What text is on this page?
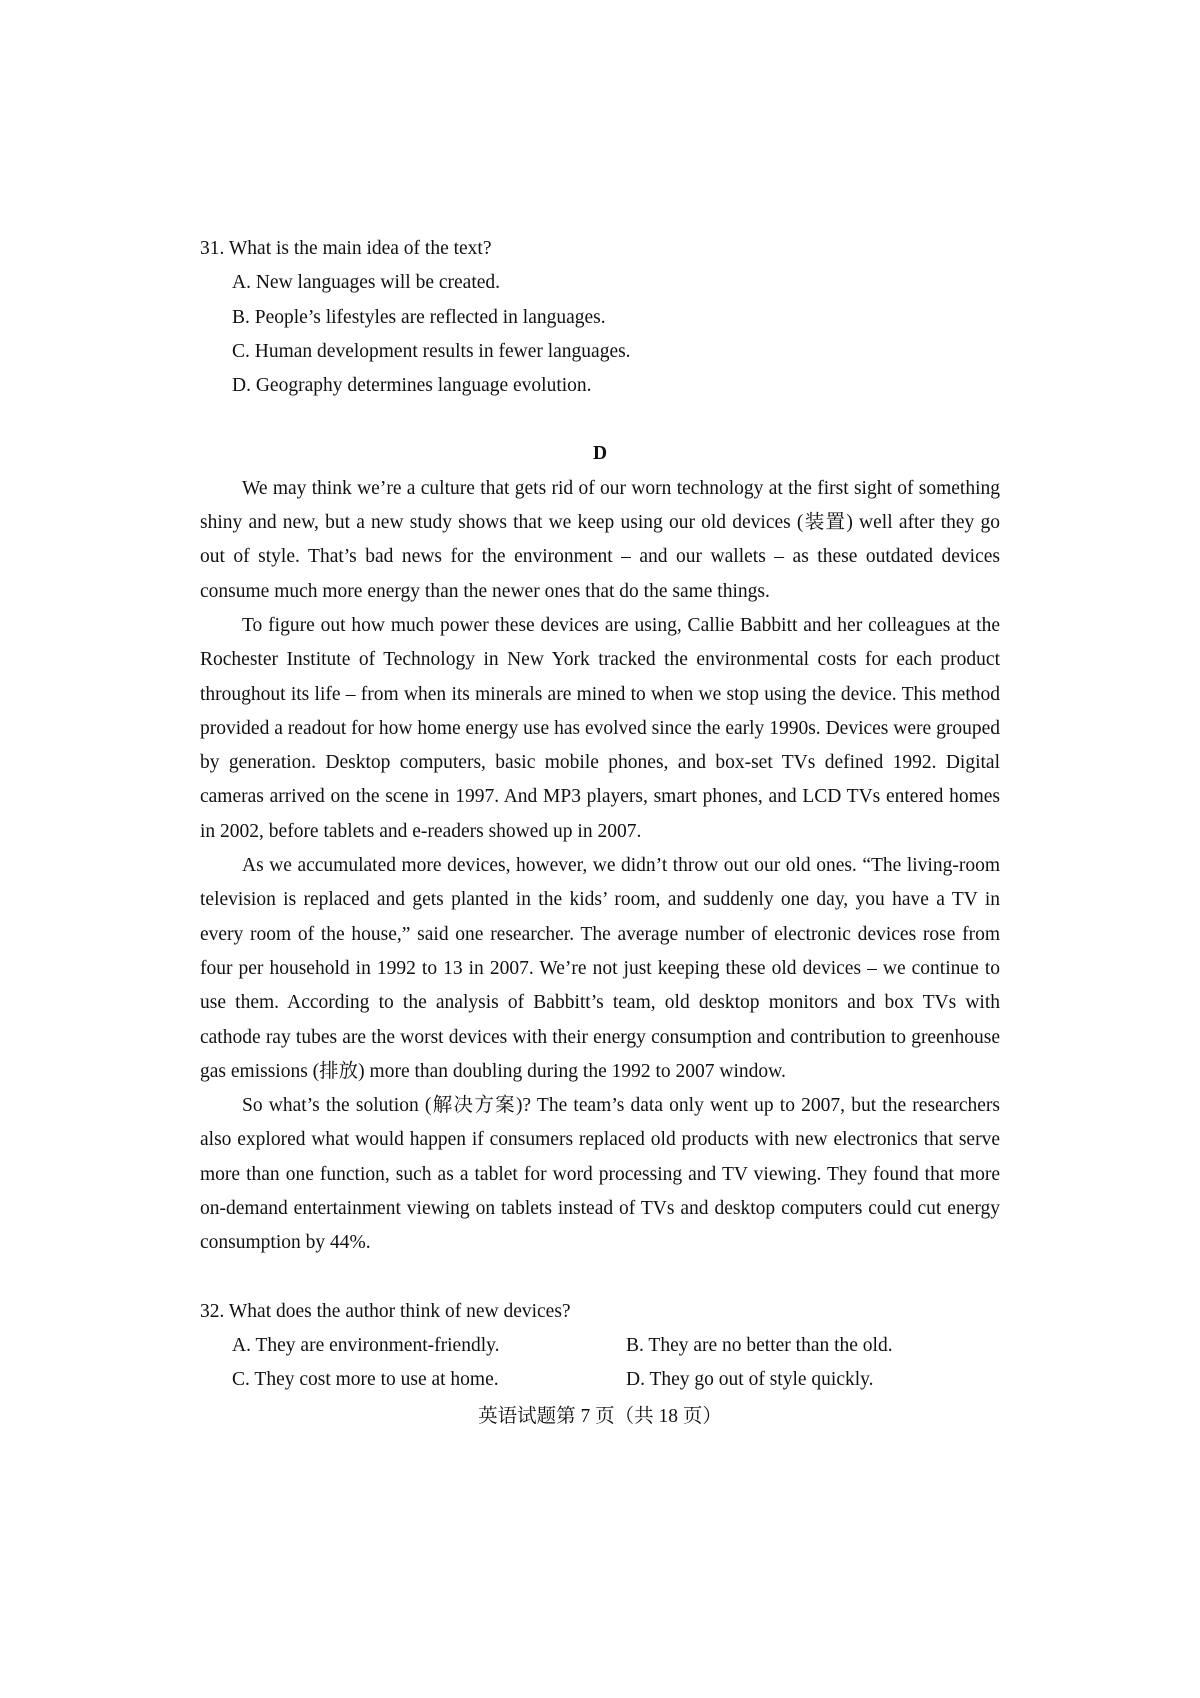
31. What is the main idea of the text?

A. New languages will be created.

B. People’s lifestyles are reflected in languages.

C. Human development results in fewer languages.

D. Geography determines language evolution.

D

We may think we’re a culture that gets rid of our worn technology at the first sight of something shiny and new, but a new study shows that we keep using our old devices (装置) well after they go out of style. That’s bad news for the environment – and our wallets – as these outdated devices consume much more energy than the newer ones that do the same things.

To figure out how much power these devices are using, Callie Babbitt and her colleagues at the Rochester Institute of Technology in New York tracked the environmental costs for each product throughout its life – from when its minerals are mined to when we stop using the device. This method provided a readout for how home energy use has evolved since the early 1990s. Devices were grouped by generation. Desktop computers, basic mobile phones, and box-set TVs defined 1992. Digital cameras arrived on the scene in 1997. And MP3 players, smart phones, and LCD TVs entered homes in 2002, before tablets and e-readers showed up in 2007.

As we accumulated more devices, however, we didn’t throw out our old ones. “The living-room television is replaced and gets planted in the kids’ room, and suddenly one day, you have a TV in every room of the house,” said one researcher. The average number of electronic devices rose from four per household in 1992 to 13 in 2007. We’re not just keeping these old devices – we continue to use them. According to the analysis of Babbitt’s team, old desktop monitors and box TVs with cathode ray tubes are the worst devices with their energy consumption and contribution to greenhouse gas emissions (排放) more than doubling during the 1992 to 2007 window.

So what’s the solution (解决方案)? The team’s data only went up to 2007, but the researchers also explored what would happen if consumers replaced old products with new electronics that serve more than one function, such as a tablet for word processing and TV viewing. They found that more on-demand entertainment viewing on tablets instead of TVs and desktop computers could cut energy consumption by 44%.

32. What does the author think of new devices?

A. They are environment-friendly.	B. They are no better than the old.
C. They cost more to use at home.	D. They go out of style quickly.
英语试题第 7 页（共 18 页）
